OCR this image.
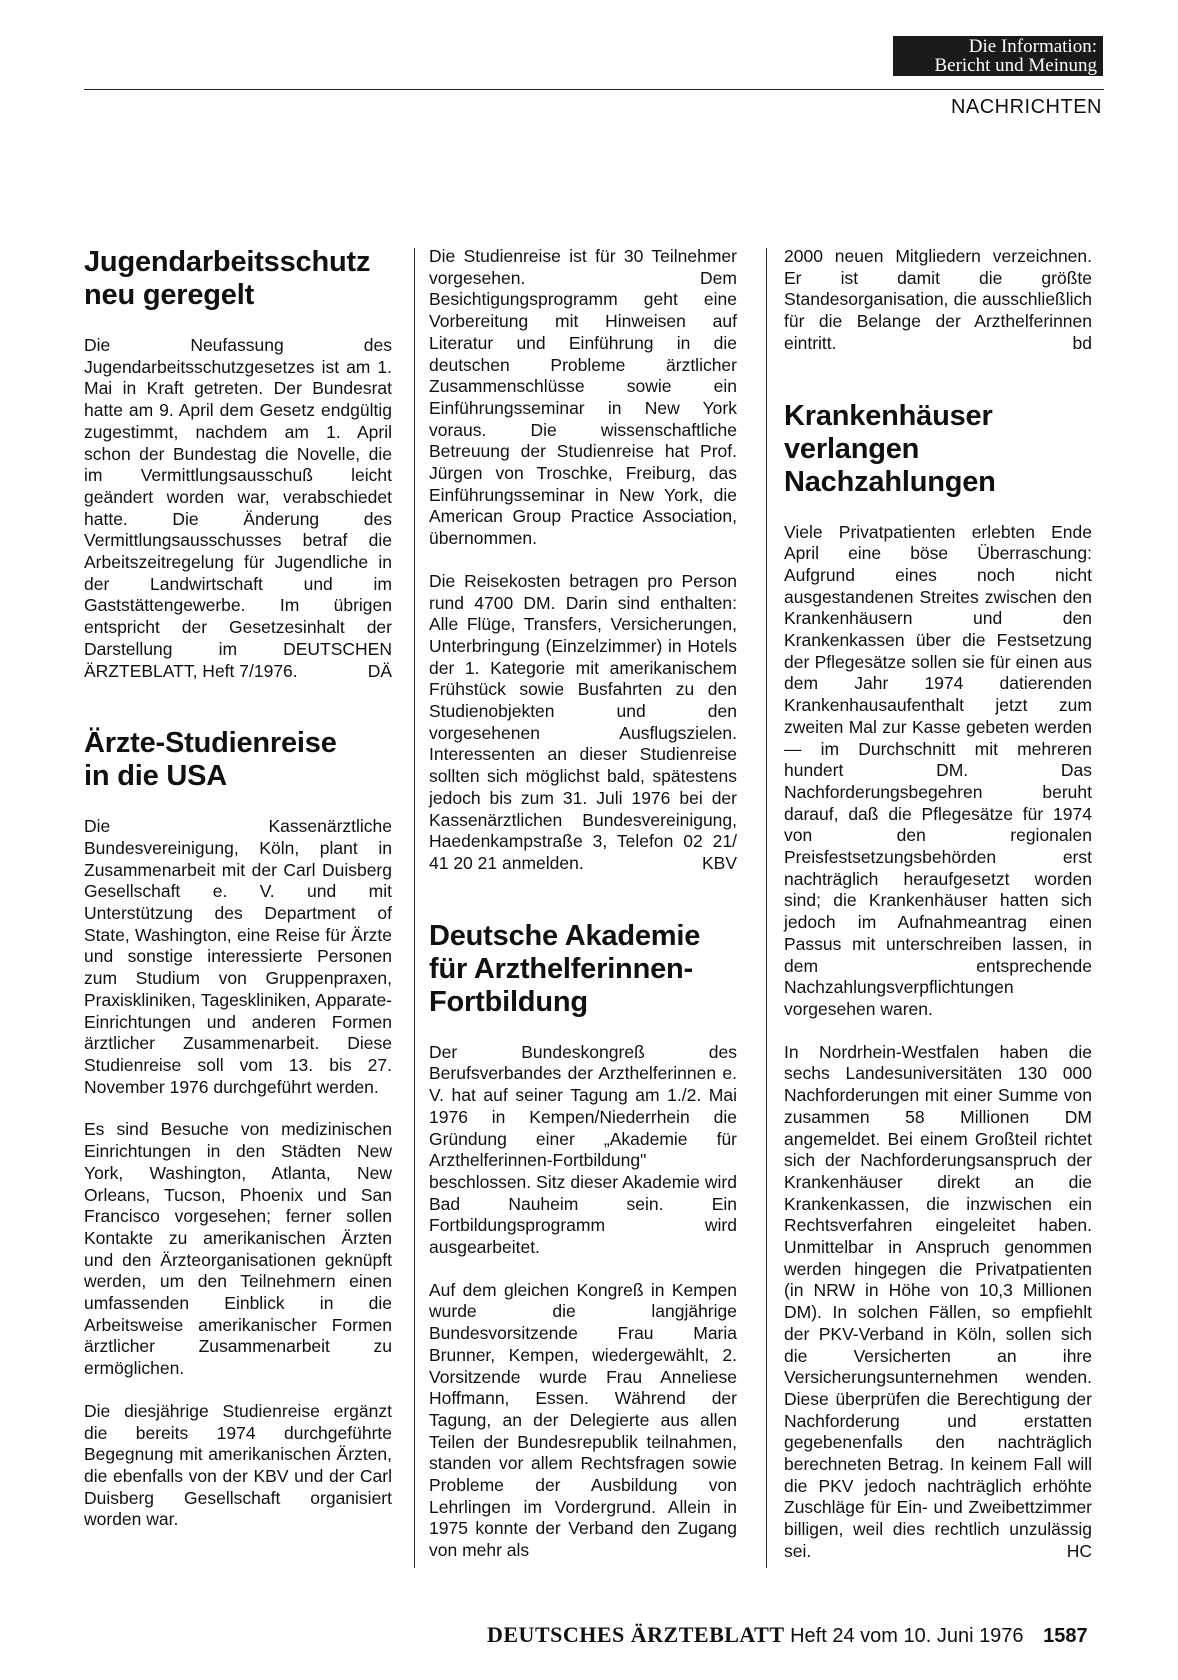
Die Information:
Bericht und Meinung
NACHRICHTEN
Jugendarbeitsschutz
neu geregelt

Die Neufassung des Jugendarbeitsschutzgesetzes ist am 1. Mai in Kraft getreten. Der Bundesrat hatte am 9. April dem Gesetz endgültig zugestimmt, nachdem am 1. April schon der Bundestag die Novelle, die im Vermittlungsausschuß leicht geändert worden war, verabschiedet hatte. Die Änderung des Vermittlungsausschusses betraf die Arbeitszeitregelung für Jugendliche in der Landwirtschaft und im Gaststättengewerbe. Im übrigen entspricht der Gesetzesinhalt der Darstellung im DEUTSCHEN ÄRZTEBLATT, Heft 7/1976.	DÄ

Ärzte-Studienreise
in die USA

Die Kassenärztliche Bundesvereinigung, Köln, plant in Zusammenarbeit mit der Carl Duisberg Gesellschaft e. V. und mit Unterstützung des Department of State, Washington, eine Reise für Ärzte und sonstige interessierte Personen zum Studium von Gruppenpraxen, Praxiskliniken, Tageskliniken, Apparate-Einrichtungen und anderen Formen ärztlicher Zusammenarbeit. Diese Studienreise soll vom 13. bis 27. November 1976 durchgeführt werden.

Es sind Besuche von medizinischen Einrichtungen in den Städten New York, Washington, Atlanta, New Orleans, Tucson, Phoenix und San Francisco vorgesehen; ferner sollen Kontakte zu amerikanischen Ärzten und den Ärzteorganisationen geknüpft werden, um den Teilnehmern einen umfassenden Einblick in die Arbeitsweise amerikanischer Formen ärztlicher Zusammenarbeit zu ermöglichen.

Die diesjährige Studienreise ergänzt die bereits 1974 durchgeführte Begegnung mit amerikanischen Ärzten, die ebenfalls von der KBV und der Carl Duisberg Gesellschaft organisiert worden war.

Die Studienreise ist für 30 Teilnehmer vorgesehen. Dem Besichtigungsprogramm geht eine Vorbereitung mit Hinweisen auf Literatur und Einführung in die deutschen Probleme ärztlicher Zusammenschlüsse sowie ein Einführungsseminar in New York voraus. Die wissenschaftliche Betreuung der Studienreise hat Prof. Jürgen von Troschke, Freiburg, das Einführungsseminar in New York, die American Group Practice Association, übernommen.

Die Reisekosten betragen pro Person rund 4700 DM. Darin sind enthalten: Alle Flüge, Transfers, Versicherungen, Unterbringung (Einzelzimmer) in Hotels der 1. Kategorie mit amerikanischem Frühstück sowie Busfahrten zu den Studienobjekten und den vorgesehenen Ausflugszielen. Interessenten an dieser Studienreise sollten sich möglichst bald, spätestens jedoch bis zum 31. Juli 1976 bei der Kassenärztlichen Bundesvereinigung, Haedenkampstraße 3, Telefon 02 21/ 41 20 21 anmelden.	KBV

Deutsche Akademie
für Arzthelferinnen-
Fortbildung

Der Bundeskongreß des Berufsverbandes der Arzthelferinnen e. V. hat auf seiner Tagung am 1./2. Mai 1976 in Kempen/Niederrhein die Gründung einer „Akademie für Arzthelferinnen-Fortbildung" beschlossen. Sitz dieser Akademie wird Bad Nauheim sein. Ein Fortbildungsprogramm wird ausgearbeitet.

Auf dem gleichen Kongreß in Kempen wurde die langjährige Bundesvorsitzende Frau Maria Brunner, Kempen, wiedergewählt, 2. Vorsitzende wurde Frau Anneliese Hoffmann, Essen. Während der Tagung, an der Delegierte aus allen Teilen der Bundesrepublik teilnahmen, standen vor allem Rechtsfragen sowie Probleme der Ausbildung von Lehrlingen im Vordergrund. Allein in 1975 konnte der Verband den Zugang von mehr als

2000 neuen Mitgliedern verzeichnen. Er ist damit die größte Standesorganisation, die ausschließlich für die Belange der Arzthelferinnen eintritt.	bd

Krankenhäuser
verlangen
Nachzahlungen

Viele Privatpatienten erlebten Ende April eine böse Überraschung: Aufgrund eines noch nicht ausgestandenen Streites zwischen den Krankenhäusern und den Krankenkassen über die Festsetzung der Pflegesätze sollen sie für einen aus dem Jahr 1974 datierenden Krankenhausaufenthalt jetzt zum zweiten Mal zur Kasse gebeten werden — im Durchschnitt mit mehreren hundert DM. Das Nachforderungsbegehren beruht darauf, daß die Pflegesätze für 1974 von den regionalen Preisfestsetzungsbehörden erst nachträglich heraufgesetzt worden sind; die Krankenhäuser hatten sich jedoch im Aufnahmeantrag einen Passus mit unterschreiben lassen, in dem entsprechende Nachzahlungsverpflichtungen vorgesehen waren.

In Nordrhein-Westfalen haben die sechs Landesuniversitäten 130 000 Nachforderungen mit einer Summe von zusammen 58 Millionen DM angemeldet. Bei einem Großteil richtet sich der Nachforderungsanspruch der Krankenhäuser direkt an die Krankenkassen, die inzwischen ein Rechtsverfahren eingeleitet haben. Unmittelbar in Anspruch genommen werden hingegen die Privatpatienten (in NRW in Höhe von 10,3 Millionen DM). In solchen Fällen, so empfiehlt der PKV-Verband in Köln, sollen sich die Versicherten an ihre Versicherungsunternehmen wenden. Diese überprüfen die Berechtigung der Nachforderung und erstatten gegebenenfalls den nachträglich berechneten Betrag. In keinem Fall will die PKV jedoch nachträglich erhöhte Zuschläge für Ein- und Zweibettzimmer billigen, weil dies rechtlich unzulässig sei.	HC

DEUTSCHES ÄRZTEBLATT Heft 24 vom 10. Juni 1976 1587
